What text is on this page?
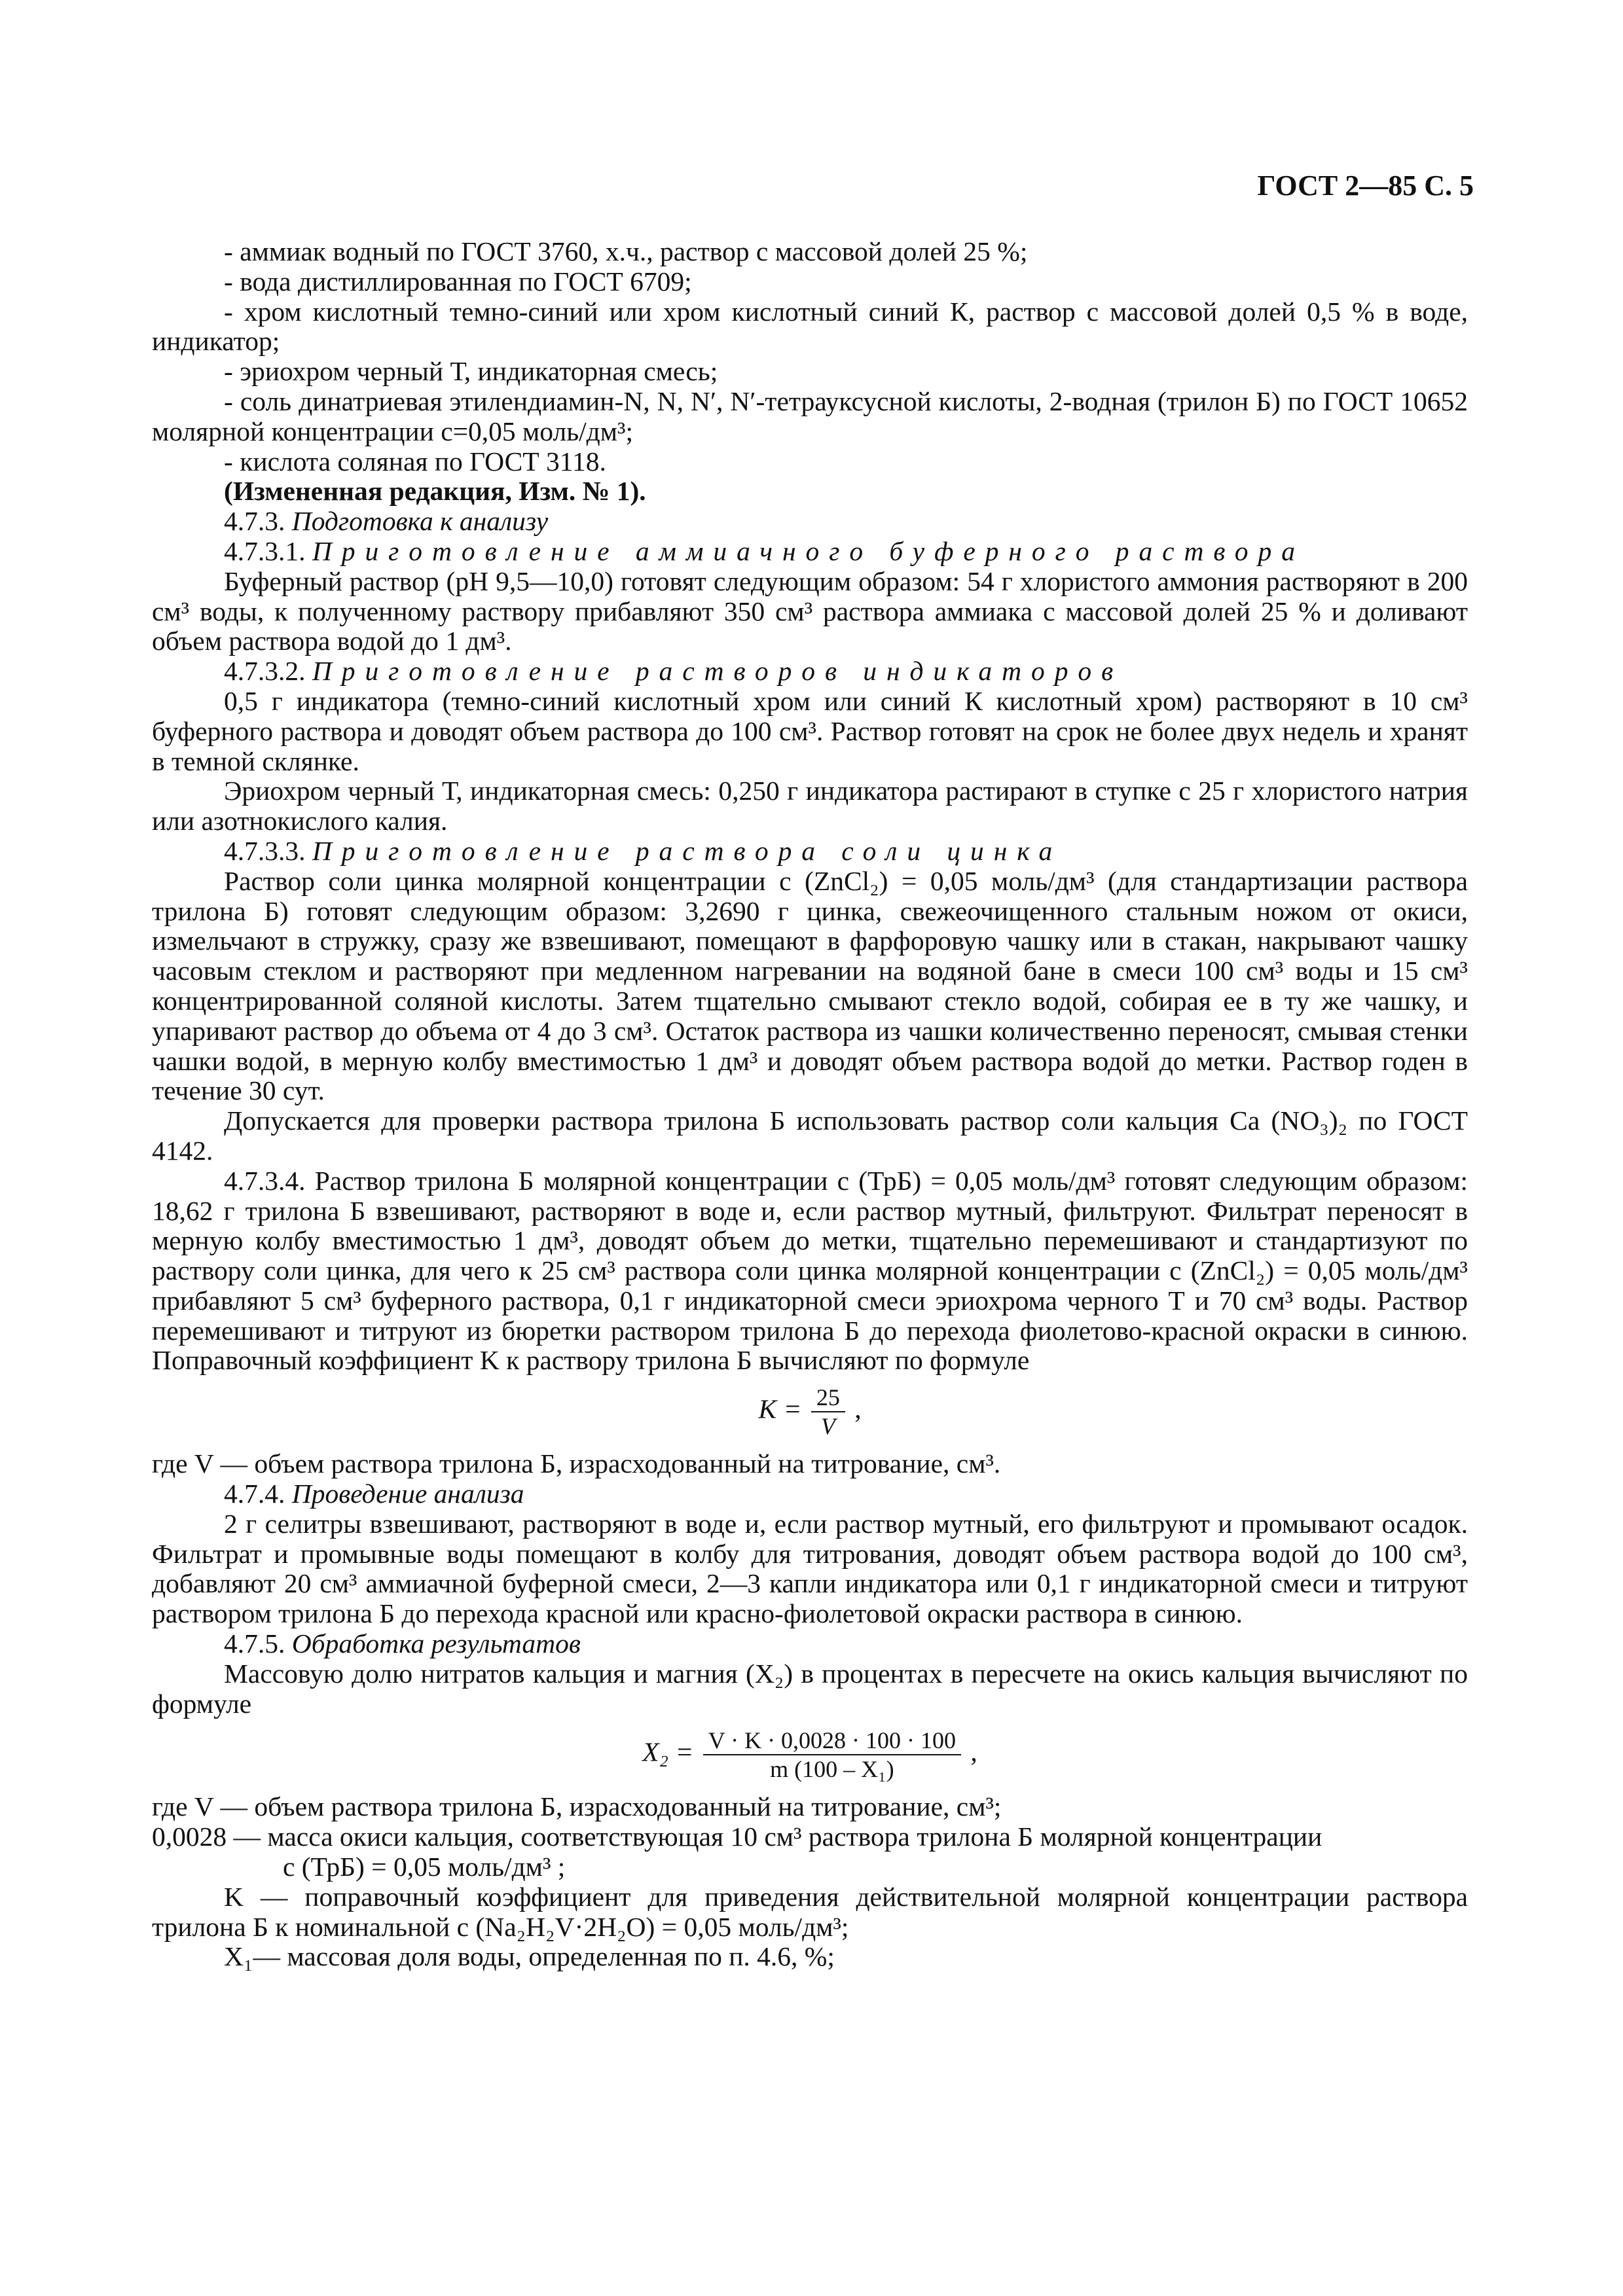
ГОСТ 2—85 С. 5

- аммиак водный по ГОСТ 3760, х.ч., раствор с массовой долей 25 %;

- вода дистиллированная по ГОСТ 6709;

- хром кислотный темно-синий или хром кислотный синий К, раствор с массовой долей 0,5 % в воде, индикатор;

- эриохром черный Т, индикаторная смесь;

- соль динатриевая этилендиамин-N, N, N′, N′-тетрауксусной кислоты, 2-водная (трилон Б) по ГОСТ 10652 молярной концентрации c=0,05 моль/дм³;

- кислота соляная по ГОСТ 3118.

(Измененная редакция, Изм. № 1).

4.7.3. Подготовка к анализу

4.7.3.1. Приготовление аммиачного буферного раствора

Буферный раствор (рН 9,5—10,0) готовят следующим образом: 54 г хлористого аммония растворяют в 200 см³ воды, к полученному раствору прибавляют 350 см³ раствора аммиака с массовой долей 25 % и доливают объем раствора водой до 1 дм³.

4.7.3.2. Приготовление растворов индикаторов

0,5 г индикатора (темно-синий кислотный хром или синий К кислотный хром) растворяют в 10 см³ буферного раствора и доводят объем раствора до 100 см³. Раствор готовят на срок не более двух недель и хранят в темной склянке.

Эриохром черный Т, индикаторная смесь: 0,250 г индикатора растирают в ступке с 25 г хлористого натрия или азотнокислого калия.

4.7.3.3. Приготовление раствора соли цинка

Раствор соли цинка молярной концентрации с (ZnCl₂) = 0,05 моль/дм³ (для стандартизации раствора трилона Б) готовят следующим образом: 3,2690 г цинка, свежеочищенного стальным ножом от окиси, измельчают в стружку, сразу же взвешивают, помещают в фарфоровую чашку или в стакан, накрывают чашку часовым стеклом и растворяют при медленном нагревании на водяной бане в смеси 100 см³ воды и 15 см³ концентрированной соляной кислоты. Затем тщательно смывают стекло водой, собирая ее в ту же чашку, и упаривают раствор до объема от 4 до 3 см³. Остаток раствора из чашки количественно переносят, смывая стенки чашки водой, в мерную колбу вместимостью 1 дм³ и доводят объем раствора водой до метки. Раствор годен в течение 30 сут.

Допускается для проверки раствора трилона Б использовать раствор соли кальция Са (NO₃)₂ по ГОСТ 4142.

4.7.3.4. Раствор трилона Б молярной концентрации с (ТрБ) = 0,05 моль/дм³ готовят следующим образом: 18,62 г трилона Б взвешивают, растворяют в воде и, если раствор мутный, фильтруют. Фильтрат переносят в мерную колбу вместимостью 1 дм³, доводят объем до метки, тщательно перемешивают и стандартизуют по раствору соли цинка, для чего к 25 см³ раствора соли цинка молярной концентрации с (ZnCl₂) = 0,05 моль/дм³ прибавляют 5 см³ буферного раствора, 0,1 г индикаторной смеси эриохрома черного Т и 70 см³ воды. Раствор перемешивают и титруют из бюретки раствором трилона Б до перехода фиолетово-красной окраски в синюю. Поправочный коэффициент K к раствору трилона Б вычисляют по формуле

$K = \frac{25}{V}$ ,

где V — объем раствора трилона Б, израсходованный на титрование, см³.

4.7.4. Проведение анализа

2 г селитры взвешивают, растворяют в воде и, если раствор мутный, его фильтруют и промывают осадок. Фильтрат и промывные воды помещают в колбу для титрования, доводят объем раствора водой до 100 см³, добавляют 20 см³ аммиачной буферной смеси, 2—3 капли индикатора или 0,1 г индикаторной смеси и титруют раствором трилона Б до перехода красной или красно-фиолетовой окраски раствора в синюю.

4.7.5. Обработка результатов

Массовую долю нитратов кальция и магния (X₂) в процентах в пересчете на окись кальция вычисляют по формуле

$X_2 = \frac{V \cdot K \cdot 0,0028 \cdot 100 \cdot 100}{\text{m (100 – X₁)}}$ ,

где V — объем раствора трилона Б, израсходованный на титрование, см³;

0,0028 — масса окиси кальция, соответствующая 10 см³ раствора трилона Б молярной концентрации

с (ТрБ) = 0,05 моль/дм³ ;

K — поправочный коэффициент для приведения действительной молярной концентрации раствора трилона Б к номинальной с (Na₂H₂V·2H₂O) = 0,05 моль/дм³;

X₁— массовая доля воды, определенная по п. 4.6, %;
